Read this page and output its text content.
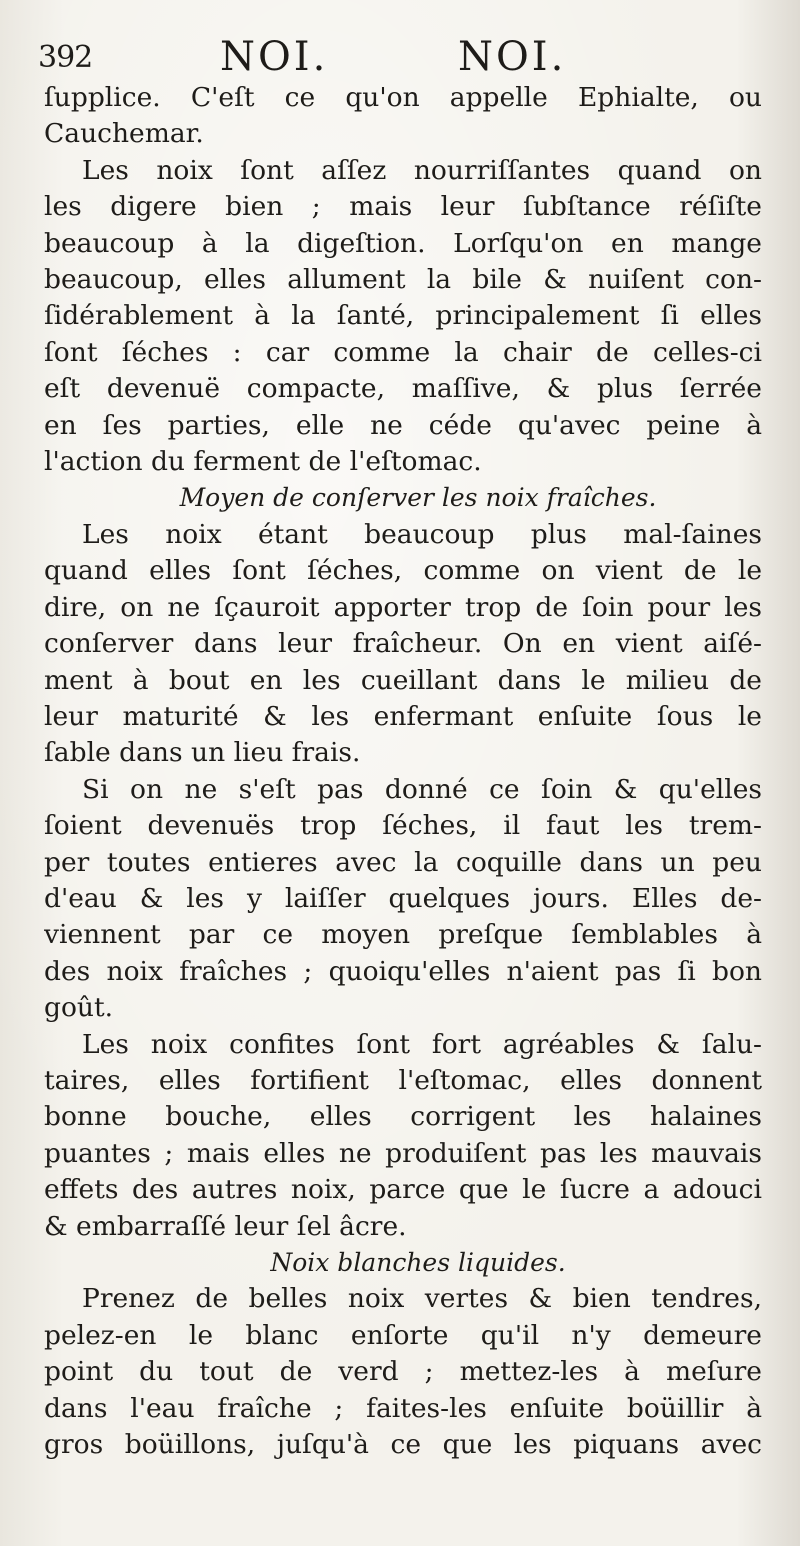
392	NOI.	NOI.
ſupplice. C'eſt ce qu'on appelle Ephialte, ou
Cauchemar.
Les noix ſont aſſez nourriſſantes quand on
les digere bien ; mais leur ſubſtance réſiſte
beaucoup à la digeſtion. Lorſqu'on en mange
beaucoup, elles allument la bile & nuiſent con-
ſidérablement à la ſanté, principalement ſi elles
ſont ſéches : car comme la chair de celles-ci
eſt devenuë compacte, maſſive, & plus ſerrée
en ſes parties, elle ne céde qu'avec peine à
l'action du ferment de l'eſtomac.
Moyen de conſerver les noix fraîches.
Les noix étant beaucoup plus mal-ſaines
quand elles ſont ſéches, comme on vient de le
dire, on ne ſçauroit apporter trop de ſoin pour les
conſerver dans leur fraîcheur. On en vient aiſé-
ment à bout en les cueillant dans le milieu de
leur maturité & les enfermant enſuite ſous le
ſable dans un lieu frais.
Si on ne s'eſt pas donné ce ſoin & qu'elles
ſoient devenuës trop ſéches, il faut les trem-
per toutes entieres avec la coquille dans un peu
d'eau & les y laiſſer quelques jours. Elles de-
viennent par ce moyen preſque ſemblables à
des noix fraîches ; quoiqu'elles n'aient pas ſi bon
goût.
Les noix confites ſont fort agréables & ſalu-
taires, elles fortifient l'eſtomac, elles donnent
bonne bouche, elles corrigent les halaines
puantes ; mais elles ne produiſent pas les mauvais
effets des autres noix, parce que le ſucre a adouci
& embarraſſé leur ſel âcre.
Noix blanches liquides.
Prenez de belles noix vertes & bien tendres,
pelez-en le blanc enſorte qu'il n'y demeure
point du tout de verd ; mettez-les à meſure
dans l'eau fraîche ; faites-les enſuite boüillir à
gros boüillons, juſqu'à ce que les piquans avec
